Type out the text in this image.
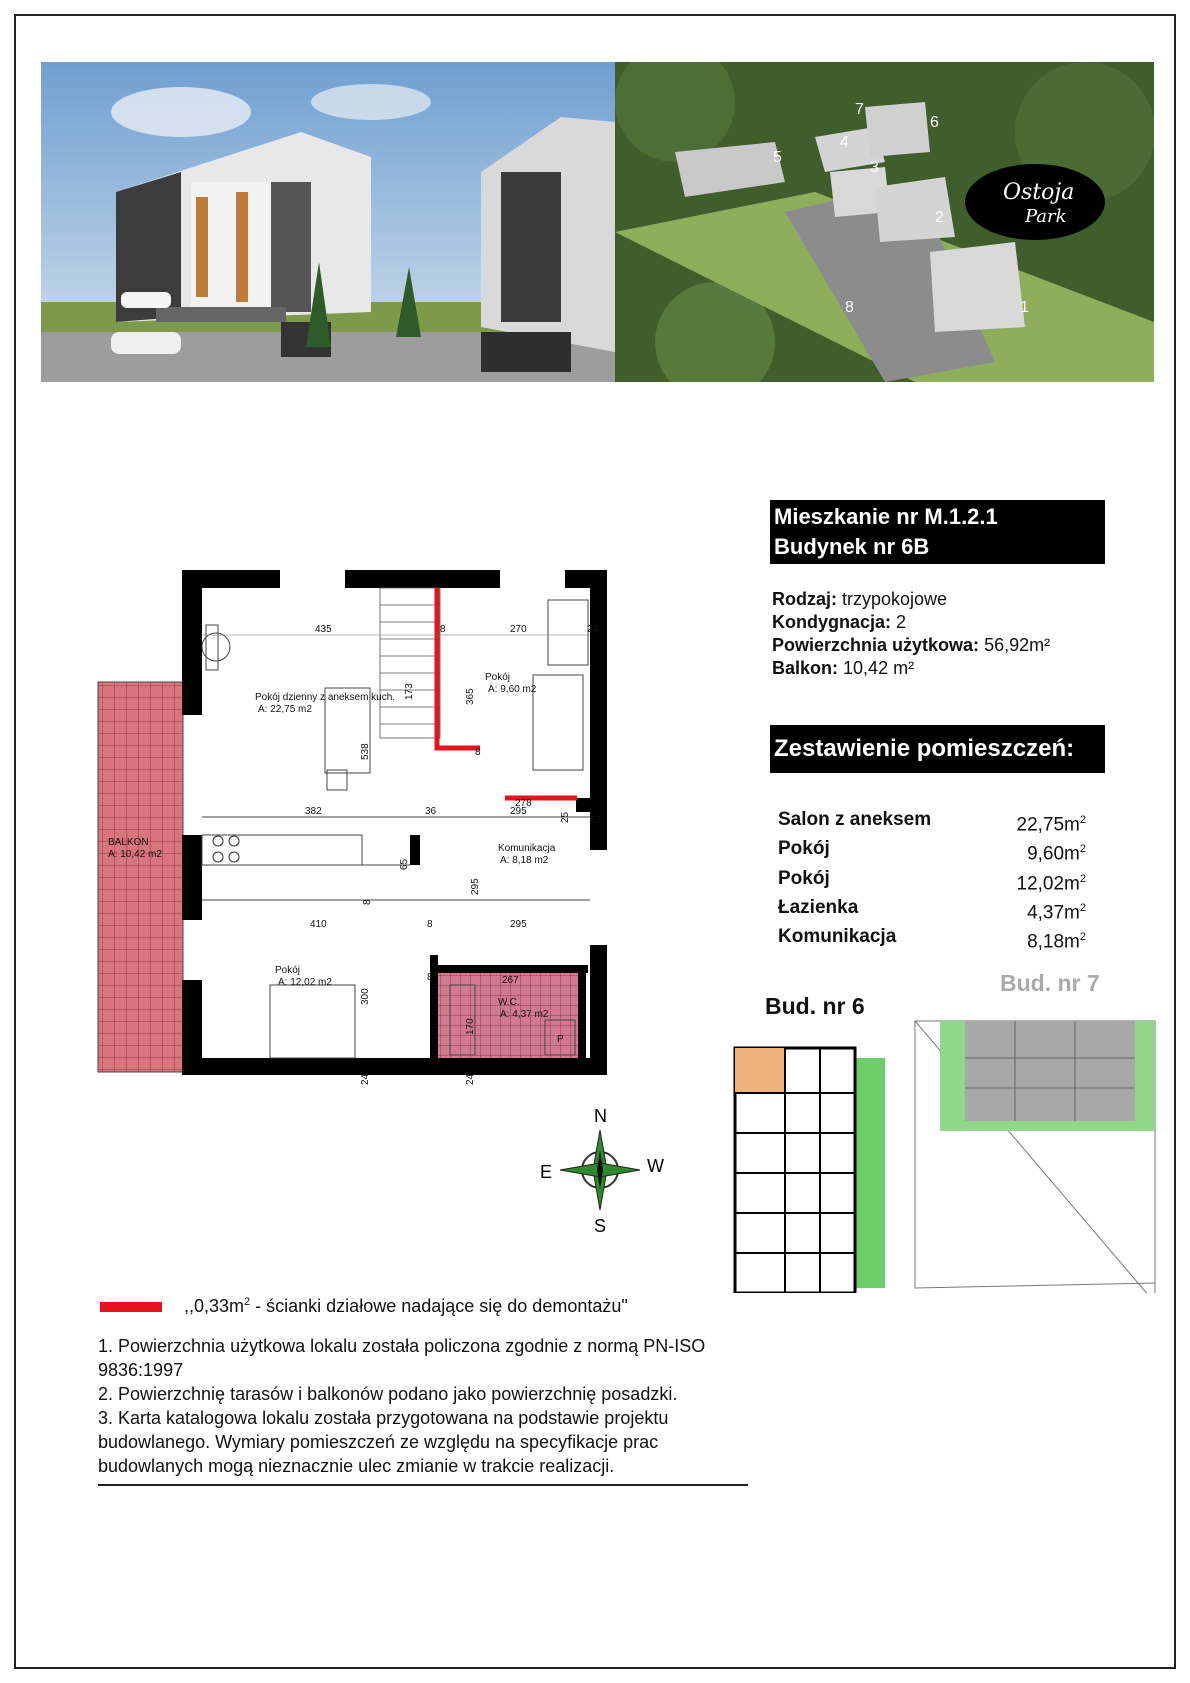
Ostoja
Park
1
2
3
4
5
6
7
8
Mieszkanie nr M.1.2.1
Budynek nr 6B
Rodzaj: trzypokojowe
Kondygnacja: 2
Powierzchnia użytkowa: 56,92m²
Balkon: 10,42 m²
Zestawienie pomieszczeń:
Salon z aneksem	$22,75m^2$
Pokój	$9,60m^2$
Pokój	$12,02m^2$
Łazienka	$4,37m^2$
Komunikacja	$8,18m^2$
BALKON
A: 10,42 m2
Pokój dzienny z aneksem kuch.
A: 22,75 m2
Pokój
A: 9,60 m2
Komunikacja
A: 8,18 m2
Pokój
A: 12,02 m2
W.C.
A: 4,37 m2
P
435	8	270	24
365
173
538	8
278
25 32
382	36	295
65
8
295
410	8	295
300
8	267
170
24	24
N
E	W
S
Bud. nr 6
Bud. nr 7
$,,0,33m^2$ - ścianki działowe nadające się do demontażu"
1. Powierzchnia użytkowa lokalu została policzona zgodnie z normą PN-ISO 9836:1997
2. Powierzchnię tarasów i balkonów podano jako powierzchnię posadzki.
3. Karta katalogowa lokalu została przygotowana na podstawie projektu budowlanego. Wymiary pomieszczeń ze względu na specyfikacje prac budowlanych mogą nieznacznie ulec zmianie w trakcie realizacji.
